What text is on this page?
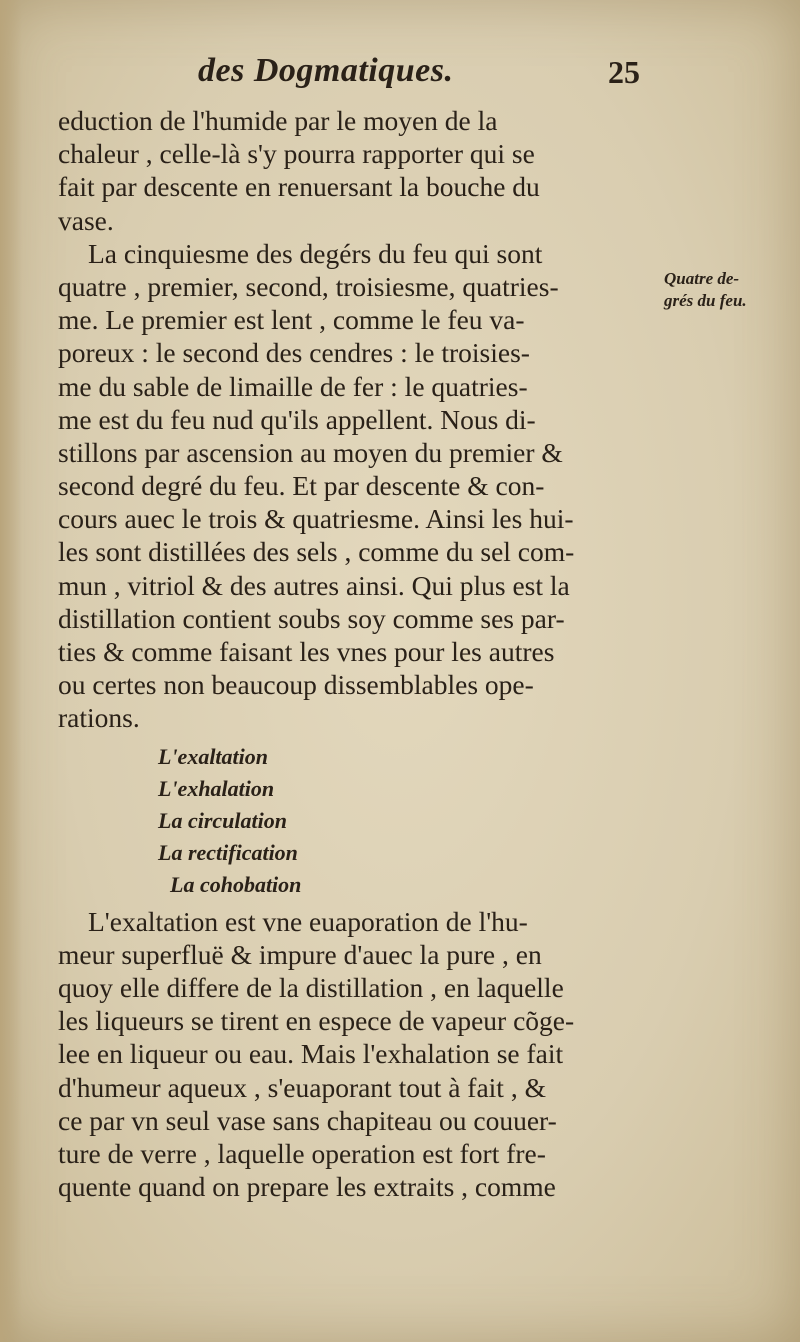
des Dogmatiques.	25
eduction de l'humide par le moyen de la
chaleur , celle-là s'y pourra rapporter qui se
fait par descente en renuersant la bouche du
vase.
La cinquiesme des degérs du feu qui sont
quatre , premier, second, troisiesme, quatries-
me. Le premier est lent , comme le feu va-
poreux : le second des cendres : le troisies-
me du sable de limaille de fer : le quatries-
me est du feu nud qu'ils appellent. Nous di-
stillons par ascension au moyen du premier &
second degré du feu. Et par descente & con-
cours auec le trois & quatriesme. Ainsi les hui-
les sont distillées des sels , comme du sel com-
mun , vitriol & des autres ainsi. Qui plus est la
distillation contient soubs soy comme ses par-
ties & comme faisant les vnes pour les autres
ou certes non beaucoup dissemblables ope-
rations.
L'exaltation
L'exhalation
La circulation
La rectification
La cohobation
L'exaltation est vne euaporation de l'hu-
meur superfluë & impure d'auec la pure , en
quoy elle differe de la distillation , en laquelle
les liqueurs se tirent en espece de vapeur cõge-
lee en liqueur ou eau. Mais l'exhalation se fait
d'humeur aqueux , s'euaporant tout à fait , &
ce par vn seul vase sans chapiteau ou couuer-
ture de verre , laquelle operation est fort fre-
quente quand on prepare les extraits , comme
Quatre de-
grés du feu.
